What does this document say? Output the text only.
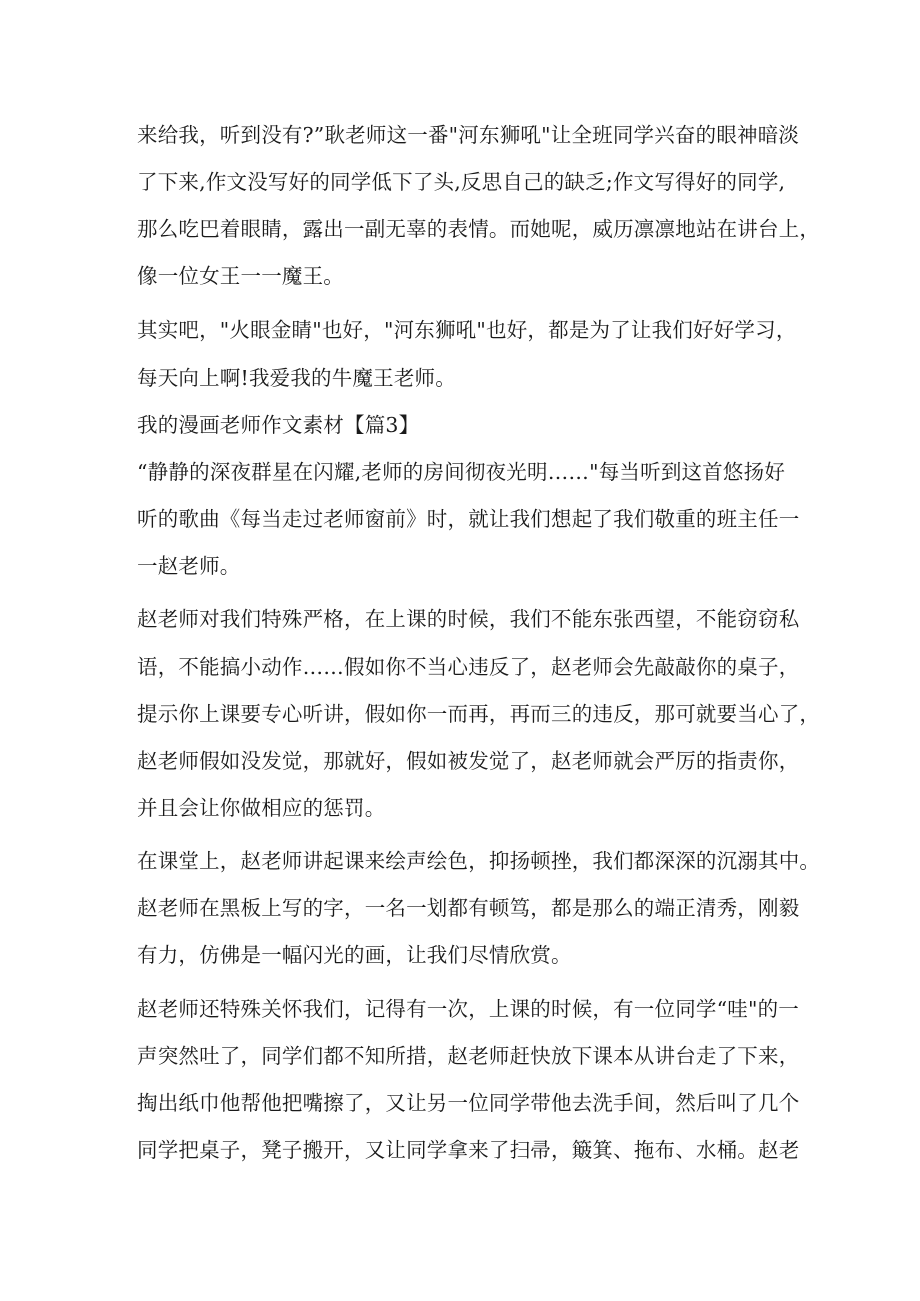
来给我，听到没有?”耿老师这一番"河东狮吼"让全班同学兴奋的眼神暗淡
了下来,作文没写好的同学低下了头,反思自己的缺乏;作文写得好的同学,
那么吃巴着眼睛，露出一副无辜的表情。而她呢，威历凛凛地站在讲台上，
像一位女王一一魔王。
其实吧，"火眼金睛"也好，"河东狮吼"也好，都是为了让我们好好学习，
每天向上啊!我爱我的牛魔王老师。
我的漫画老师作文素材【篇3】
“静静的深夜群星在闪耀,老师的房间彻夜光明……"每当听到这首悠扬好
听的歌曲《每当走过老师窗前》时，就让我们想起了我们敬重的班主任一
一赵老师。
赵老师对我们特殊严格，在上课的时候，我们不能东张西望，不能窃窃私
语，不能搞小动作……假如你不当心违反了，赵老师会先敲敲你的桌子，
提示你上课要专心听讲，假如你一而再，再而三的违反，那可就要当心了，
赵老师假如没发觉，那就好，假如被发觉了，赵老师就会严厉的指责你，
并且会让你做相应的惩罚。
在课堂上，赵老师讲起课来绘声绘色，抑扬顿挫，我们都深深的沉溺其中。
赵老师在黑板上写的字，一名一划都有顿笃，都是那么的端正清秀，刚毅
有力，仿佛是一幅闪光的画，让我们尽情欣赏。
赵老师还特殊关怀我们，记得有一次，上课的时候，有一位同学“哇"的一
声突然吐了，同学们都不知所措，赵老师赶快放下课本从讲台走了下来，
掏出纸巾他帮他把嘴擦了，又让另一位同学带他去洗手间，然后叫了几个
同学把桌子，凳子搬开，又让同学拿来了扫帚，簸箕、拖布、水桶。赵老
